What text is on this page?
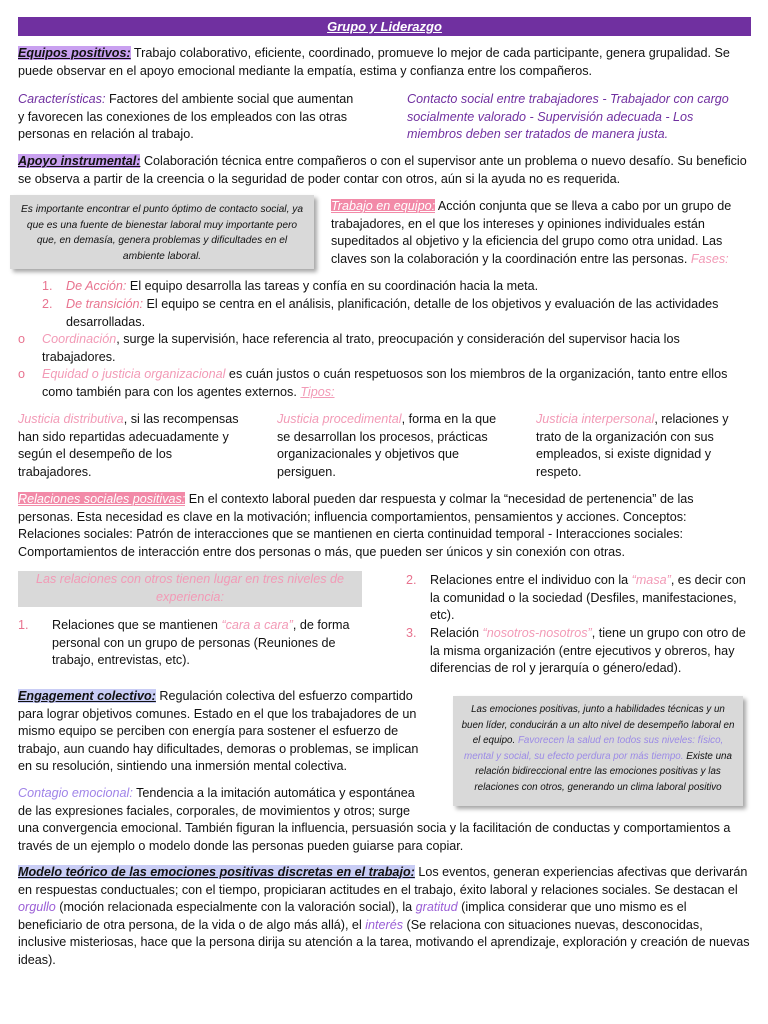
Grupo y Liderazgo

Equipos positivos: Trabajo colaborativo, eficiente, coordinado, promueve lo mejor de cada participante, genera grupalidad. Se puede observar en el apoyo emocional mediante la empatía, estima y confianza entre los compañeros.

Características: Factores del ambiente social que aumentan y favorecen las conexiones de los empleados con las otras personas en relación al trabajo.

Contacto social entre trabajadores - Trabajador con cargo socialmente valorado - Supervisión adecuada - Los miembros deben ser tratados de manera justa.

Apoyo instrumental: Colaboración técnica entre compañeros o con el supervisor ante un problema o nuevo desafío. Su beneficio se observa a partir de la creencia o la seguridad de poder contar con otros, aún si la ayuda no es requerida.

Es importante encontrar el punto óptimo de contacto social, ya que es una fuente de bienestar laboral muy importante pero que, en demasía, genera problemas y dificultades en el ambiente laboral.

Trabajo en equipo: Acción conjunta que se lleva a cabo por un grupo de trabajadores, en el que los intereses y opiniones individuales están supeditados al objetivo y la eficiencia del grupo como otra unidad. Las claves son la colaboración y la coordinación entre las personas. Fases:

1. De Acción: El equipo desarrolla las tareas y confía en su coordinación hacia la meta.
2. De transición: El equipo se centra en el análisis, planificación, detalle de los objetivos y evaluación de las actividades desarrolladas.
o Coordinación, surge la supervisión, hace referencia al trato, preocupación y consideración del supervisor hacia los trabajadores.
o Equidad o justicia organizacional es cuán justos o cuán respetuosos son los miembros de la organización, tanto entre ellos como también para con los agentes externos. Tipos:

Justicia distributiva, si las recompensas han sido repartidas adecuadamente y según el desempeño de los trabajadores.

Justicia procedimental, forma en la que se desarrollan los procesos, prácticas organizacionales y objetivos que persiguen.

Justicia interpersonal, relaciones y trato de la organización con sus empleados, si existe dignidad y respeto.

Relaciones sociales positivas: En el contexto laboral pueden dar respuesta y colmar la “necesidad de pertenencia” de las personas. Esta necesidad es clave en la motivación; influencia comportamientos, pensamientos y acciones. Conceptos: Relaciones sociales: Patrón de interacciones que se mantienen en cierta continuidad temporal - Interacciones sociales: Comportamientos de interacción entre dos personas o más, que pueden ser únicos y sin conexión con otras.

Las relaciones con otros tienen lugar en tres niveles de experiencia:
1. Relaciones que se mantienen “cara a cara”, de forma personal con un grupo de personas (Reuniones de trabajo, entrevistas, etc).
2. Relaciones entre el individuo con la “masa”, es decir con la comunidad o la sociedad (Desfiles, manifestaciones, etc).
3. Relación “nosotros-nosotros”, tiene un grupo con otro de la misma organización (entre ejecutivos y obreros, hay diferencias de rol y jerarquía o género/edad).

Engagement colectivo: Regulación colectiva del esfuerzo compartido para lograr objetivos comunes. Estado en el que los trabajadores de un mismo equipo se perciben con energía para sostener el esfuerzo de trabajo, aun cuando hay dificultades, demoras o problemas, se implican en su resolución, sintiendo una inmersión mental colectiva.

Las emociones positivas, junto a habilidades técnicas y un buen líder, conducirán a un alto nivel de desempeño laboral en el equipo. Favorecen la salud en todos sus niveles: físico, mental y social, su efecto perdura por más tiempo. Existe una relación bidireccional entre las emociones positivas y las relaciones con otros, generando un clima laboral positivo

Contagio emocional: Tendencia a la imitación automática y espontánea de las expresiones faciales, corporales, de movimientos y otros; surge una convergencia emocional. También figuran la influencia, persuasión socia y la facilitación de conductas y comportamientos a través de un ejemplo o modelo donde las personas pueden guiarse para copiar.

Modelo teórico de las emociones positivas discretas en el trabajo: Los eventos, generan experiencias afectivas que derivarán en respuestas conductuales; con el tiempo, propiciaran actitudes en el trabajo, éxito laboral y relaciones sociales. Se destacan el orgullo (moción relacionada especialmente con la valoración social), la gratitud (implica considerar que uno mismo es el beneficiario de otra persona, de la vida o de algo más allá), el interés (Se relaciona con situaciones nuevas, desconocidas, inclusive misteriosas, hace que la persona dirija su atención a la tarea, motivando el aprendizaje, exploración y creación de nuevas ideas).
